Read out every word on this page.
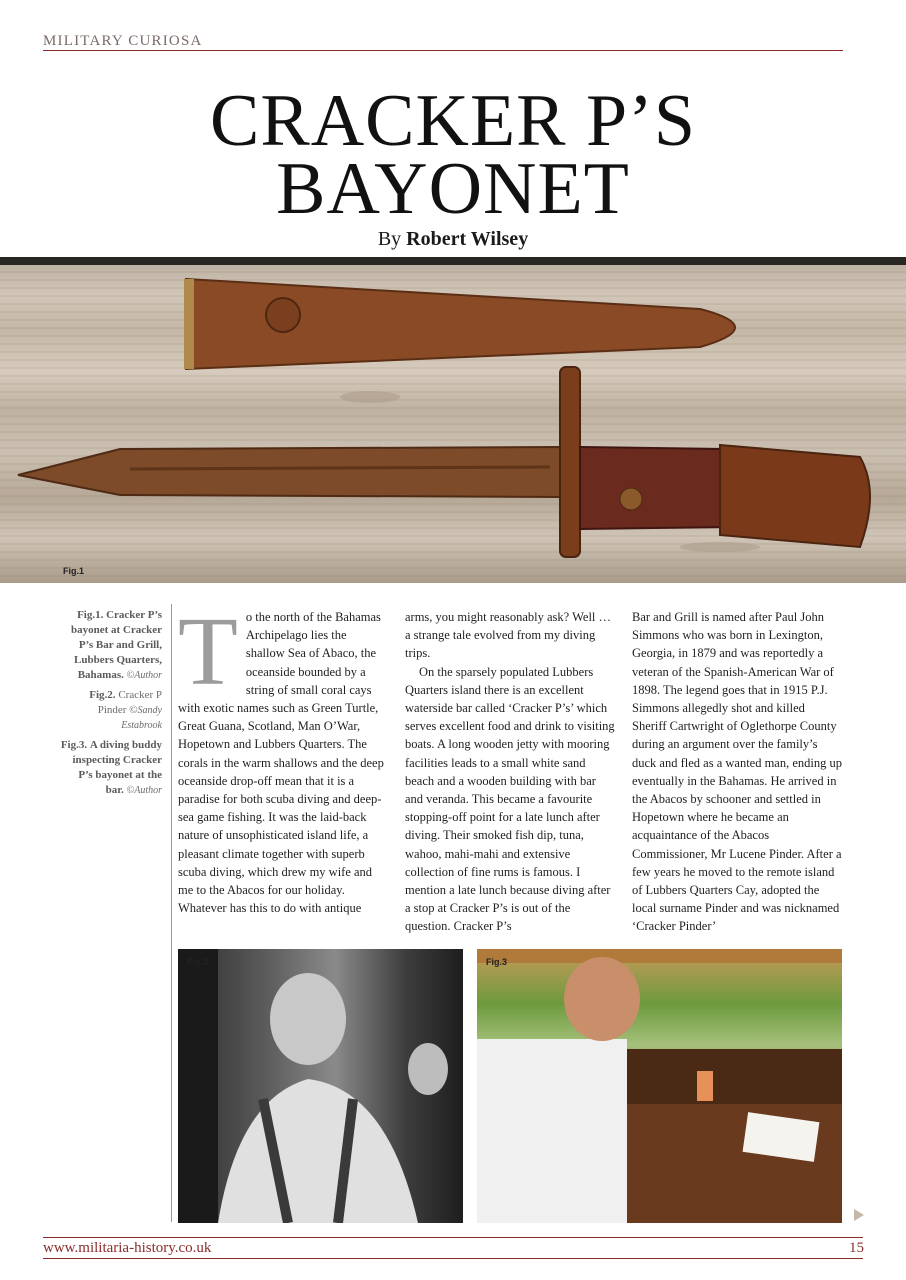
MILITARY CURIOSA
CRACKER P’S
BAYONET
By Robert Wilsey
Fig.1

Fig.1. Cracker P’s bayonet at Cracker P’s Bar and Grill, Lubbers Quarters, Bahamas. ©Author

Fig.2. Cracker P Pinder ©Sandy Estabrook

Fig.3. A diving buddy inspecting Cracker P’s bayonet at the bar. ©Author

T o the north of the Bahamas Archipelago lies the shallow Sea of Abaco, the oceanside bounded by a string of small coral cays with exotic names such as Green Turtle, Great Guana, Scotland, Man O’War, Hopetown and Lubbers Quarters. The corals in the warm shallows and the deep oceanside drop-off mean that it is a paradise for both scuba diving and deep-sea game fishing. It was the laid-back nature of unsophisticated island life, a pleasant climate together with superb scuba diving, which drew my wife and me to the Abacos for our holiday. Whatever has this to do with antique

arms, you might reasonably ask? Well … a strange tale evolved from my diving trips.

On the sparsely populated Lubbers Quarters island there is an excellent waterside bar called ‘Cracker P’s’ which serves excellent food and drink to visiting boats. A long wooden jetty with mooring facilities leads to a small white sand beach and a wooden building with bar and veranda. This became a favourite stopping-off point for a late lunch after diving. Their smoked fish dip, tuna, wahoo, mahi-mahi and extensive collection of fine rums is famous. I mention a late lunch because diving after a stop at Cracker P’s is out of the question. Cracker P’s

Bar and Grill is named after Paul John Simmons who was born in Lexington, Georgia, in 1879 and was reportedly a veteran of the Spanish-American War of 1898. The legend goes that in 1915 P.J. Simmons allegedly shot and killed Sheriff Cartwright of Oglethorpe County during an argument over the family’s duck and fled as a wanted man, ending up eventually in the Bahamas. He arrived in the Abacos by schooner and settled in Hopetown where he became an acquaintance of the Abacos Commissioner, Mr Lucene Pinder. After a few years he moved to the remote island of Lubbers Quarters Cay, adopted the local surname Pinder and was nicknamed ‘Cracker Pinder’

Fig.2	Fig.3
www.militaria-history.co.uk	15
